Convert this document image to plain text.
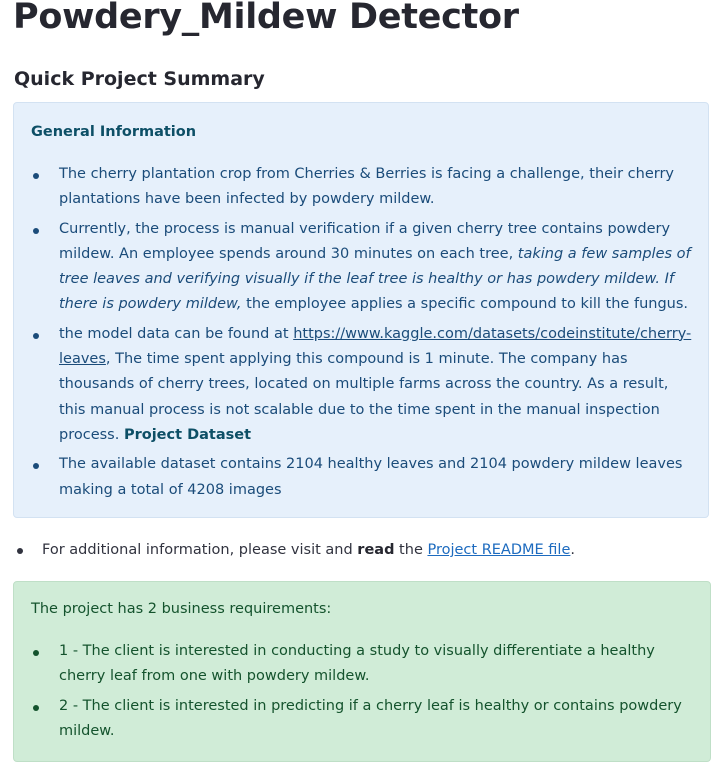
Powdery_Mildew Detector
Quick Project Summary
General Information
The cherry plantation crop from Cherries & Berries is facing a challenge, their cherry plantations have been infected by powdery mildew.
Currently, the process is manual verification if a given cherry tree contains powdery mildew. An employee spends around 30 minutes on each tree, taking a few samples of tree leaves and verifying visually if the leaf tree is healthy or has powdery mildew. If there is powdery mildew, the employee applies a specific compound to kill the fungus.
the model data can be found at https://www.kaggle.com/datasets/codeinstitute/cherry-leaves, The time spent applying this compound is 1 minute. The company has thousands of cherry trees, located on multiple farms across the country. As a result, this manual process is not scalable due to the time spent in the manual inspection process. Project Dataset
The available dataset contains 2104 healthy leaves and 2104 powdery mildew leaves making a total of 4208 images
For additional information, please visit and read the Project README file.
The project has 2 business requirements:
1 - The client is interested in conducting a study to visually differentiate a healthy cherry leaf from one with powdery mildew.
2 - The client is interested in predicting if a cherry leaf is healthy or contains powdery mildew.
